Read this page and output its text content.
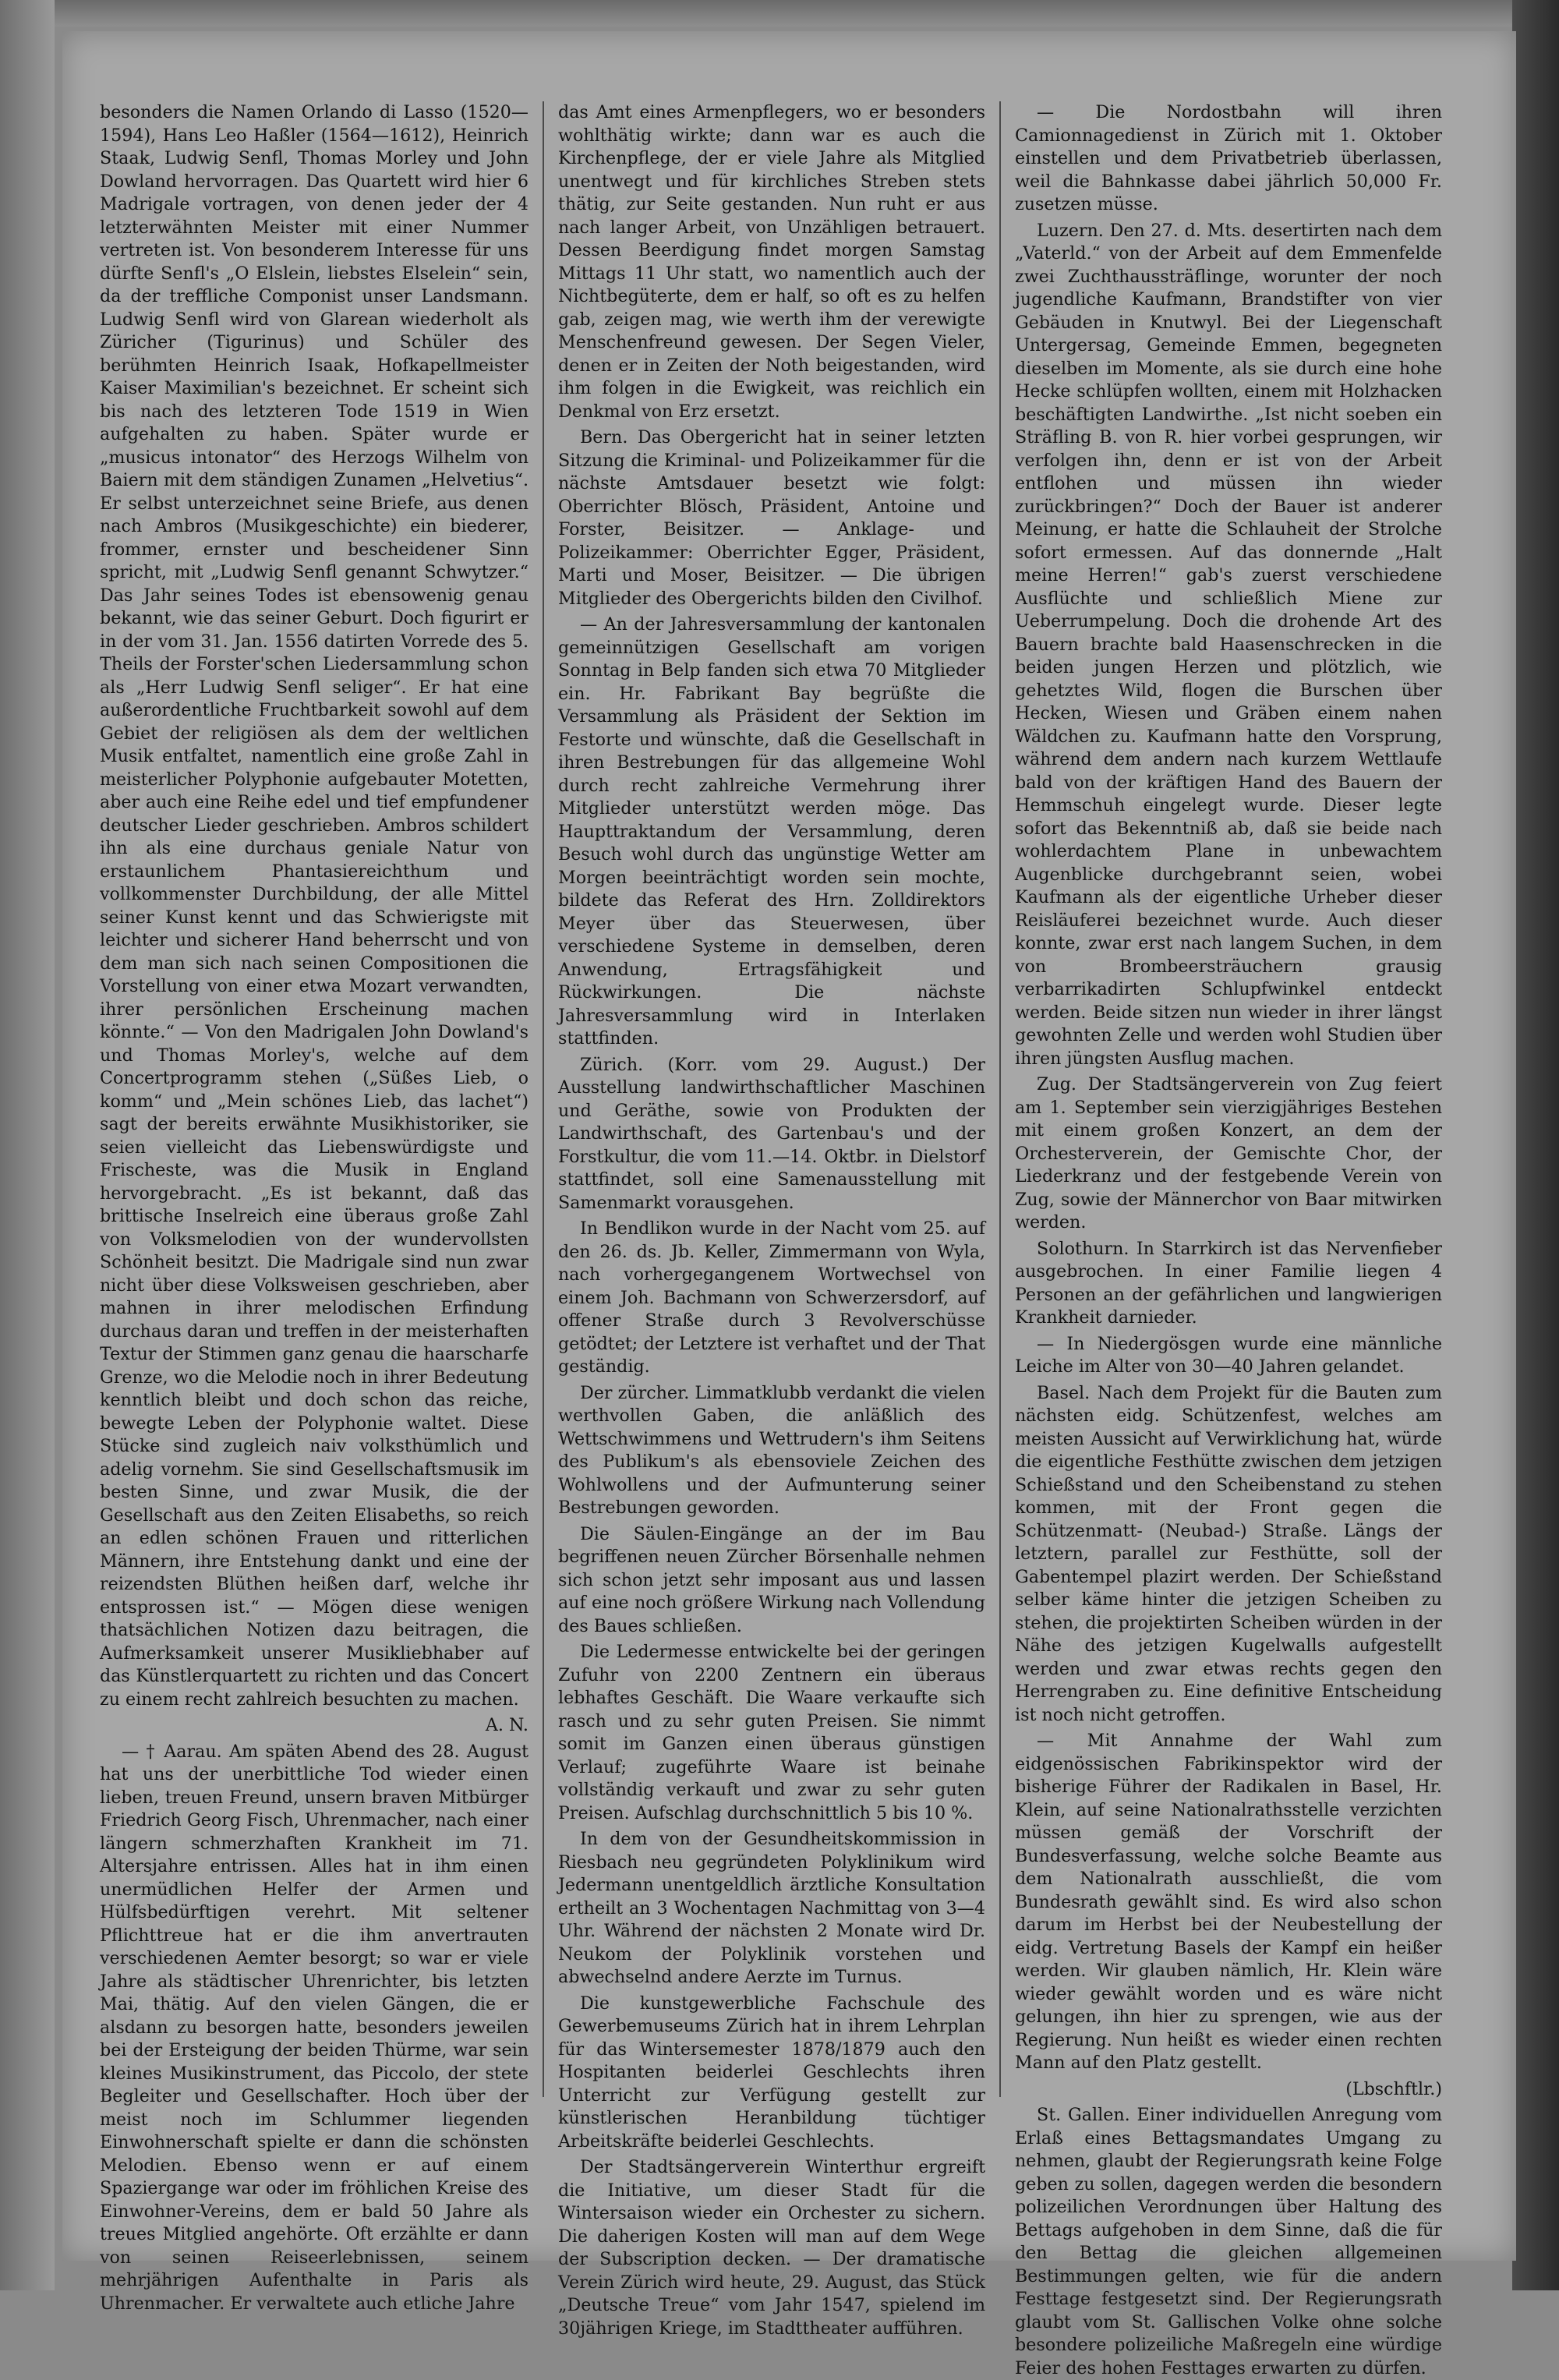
besonders die Namen Orlando di Lasso (1520—1594), Hans Leo Haßler (1564—1612), Heinrich Staak, Ludwig Senfl, Thomas Morley und John Dowland hervorragen. Das Quartett wird hier 6 Madrigale vortragen, von denen jeder der 4 letzterwähnten Meister mit einer Nummer vertreten ist. Von besonderem Interesse für uns dürfte Senfl's „O Elslein, liebstes Elselein“ sein, da der treffliche Componist unser Landsmann. Ludwig Senfl wird von Glarean wiederholt als Züricher (Tigurinus) und Schüler des berühmten Heinrich Isaak, Hofkapellmeister Kaiser Maximilian's bezeichnet. Er scheint sich bis nach des letzteren Tode 1519 in Wien aufgehalten zu haben. Später wurde er „musicus intonator“ des Herzogs Wilhelm von Baiern mit dem ständigen Zunamen „Helvetius“. Er selbst unterzeichnet seine Briefe, aus denen nach Ambros (Musikgeschichte) ein biederer, frommer, ernster und bescheidener Sinn spricht, mit „Ludwig Senfl genannt Schwytzer.“ Das Jahr seines Todes ist ebensowenig genau bekannt, wie das seiner Geburt. Doch figurirt er in der vom 31. Jan. 1556 datirten Vorrede des 5. Theils der Forster'schen Liedersammlung schon als „Herr Ludwig Senfl seliger“. Er hat eine außerordentliche Fruchtbarkeit sowohl auf dem Gebiet der religiösen als dem der weltlichen Musik entfaltet, namentlich eine große Zahl in meisterlicher Polyphonie aufgebauter Motetten, aber auch eine Reihe edel und tief empfundener deutscher Lieder geschrieben. Ambros schildert ihn als eine durchaus geniale Natur von erstaunlichem Phantasiereichthum und vollkommenster Durchbildung, der alle Mittel seiner Kunst kennt und das Schwierigste mit leichter und sicherer Hand beherrscht und von dem man sich nach seinen Compositionen die Vorstellung von einer etwa Mozart verwandten, ihrer persönlichen Erscheinung machen könnte.“ — Von den Madrigalen John Dowland's und Thomas Morley's, welche auf dem Concertprogramm stehen („Süßes Lieb, o komm“ und „Mein schönes Lieb, das lachet“) sagt der bereits erwähnte Musikhistoriker, sie seien vielleicht das Liebenswürdigste und Frischeste, was die Musik in England hervorgebracht. „Es ist bekannt, daß das brittische Inselreich eine überaus große Zahl von Volksmelodien von der wundervollsten Schönheit besitzt. Die Madrigale sind nun zwar nicht über diese Volksweisen geschrieben, aber mahnen in ihrer melodischen Erfindung durchaus daran und treffen in der meisterhaften Textur der Stimmen ganz genau die haarscharfe Grenze, wo die Melodie noch in ihrer Bedeutung kenntlich bleibt und doch schon das reiche, bewegte Leben der Polyphonie waltet. Diese Stücke sind zugleich naiv volksthümlich und adelig vornehm. Sie sind Gesellschaftsmusik im besten Sinne, und zwar Musik, die der Gesellschaft aus den Zeiten Elisabeths, so reich an edlen schönen Frauen und ritterlichen Männern, ihre Entstehung dankt und eine der reizendsten Blüthen heißen darf, welche ihr entsprossen ist.“ — Mögen diese wenigen thatsächlichen Notizen dazu beitragen, die Aufmerksamkeit unserer Musikliebhaber auf das Künstlerquartett zu richten und das Concert zu einem recht zahlreich besuchten zu machen.

A. N.

— † Aarau. Am späten Abend des 28. August hat uns der unerbittliche Tod wieder einen lieben, treuen Freund, unsern braven Mitbürger Friedrich Georg Fisch, Uhrenmacher, nach einer längern schmerzhaften Krankheit im 71. Altersjahre entrissen. Alles hat in ihm einen unermüdlichen Helfer der Armen und Hülfsbedürftigen verehrt. Mit seltener Pflichttreue hat er die ihm anvertrauten verschiedenen Aemter besorgt; so war er viele Jahre als städtischer Uhrenrichter, bis letzten Mai, thätig. Auf den vielen Gängen, die er alsdann zu besorgen hatte, besonders jeweilen bei der Ersteigung der beiden Thürme, war sein kleines Musikinstrument, das Piccolo, der stete Begleiter und Gesellschafter. Hoch über der meist noch im Schlummer liegenden Einwohnerschaft spielte er dann die schönsten Melodien. Ebenso wenn er auf einem Spaziergange war oder im fröhlichen Kreise des Einwohner-Vereins, dem er bald 50 Jahre als treues Mitglied angehörte. Oft erzählte er dann von seinen Reiseerlebnissen, seinem mehrjährigen Aufenthalte in Paris als Uhrenmacher. Er verwaltete auch etliche Jahre

das Amt eines Armenpflegers, wo er besonders wohlthätig wirkte; dann war es auch die Kirchenpflege, der er viele Jahre als Mitglied unentwegt und für kirchliches Streben stets thätig, zur Seite gestanden. Nun ruht er aus nach langer Arbeit, von Unzähligen betrauert. Dessen Beerdigung findet morgen Samstag Mittags 11 Uhr statt, wo namentlich auch der Nichtbegüterte, dem er half, so oft es zu helfen gab, zeigen mag, wie werth ihm der verewigte Menschenfreund gewesen. Der Segen Vieler, denen er in Zeiten der Noth beigestanden, wird ihm folgen in die Ewigkeit, was reichlich ein Denkmal von Erz ersetzt.

Bern. Das Obergericht hat in seiner letzten Sitzung die Kriminal- und Polizeikammer für die nächste Amtsdauer besetzt wie folgt: Oberrichter Blösch, Präsident, Antoine und Forster, Beisitzer. — Anklage- und Polizeikammer: Oberrichter Egger, Präsident, Marti und Moser, Beisitzer. — Die übrigen Mitglieder des Obergerichts bilden den Civilhof.

— An der Jahresversammlung der kantonalen gemeinnützigen Gesellschaft am vorigen Sonntag in Belp fanden sich etwa 70 Mitglieder ein. Hr. Fabrikant Bay begrüßte die Versammlung als Präsident der Sektion im Festorte und wünschte, daß die Gesellschaft in ihren Bestrebungen für das allgemeine Wohl durch recht zahlreiche Vermehrung ihrer Mitglieder unterstützt werden möge. Das Haupttraktandum der Versammlung, deren Besuch wohl durch das ungünstige Wetter am Morgen beeinträchtigt worden sein mochte, bildete das Referat des Hrn. Zolldirektors Meyer über das Steuerwesen, über verschiedene Systeme in demselben, deren Anwendung, Ertragsfähigkeit und Rückwirkungen. Die nächste Jahresversammlung wird in Interlaken stattfinden.

Zürich. (Korr. vom 29. August.) Der Ausstellung landwirthschaftlicher Maschinen und Geräthe, sowie von Produkten der Landwirthschaft, des Gartenbau's und der Forstkultur, die vom 11.—14. Oktbr. in Dielstorf stattfindet, soll eine Samenausstellung mit Samenmarkt vorausgehen.

In Bendlikon wurde in der Nacht vom 25. auf den 26. ds. Jb. Keller, Zimmermann von Wyla, nach vorhergegangenem Wortwechsel von einem Joh. Bachmann von Schwerzersdorf, auf offener Straße durch 3 Revolverschüsse getödtet; der Letztere ist verhaftet und der That geständig.

Der zürcher. Limmatklubb verdankt die vielen werthvollen Gaben, die anläßlich des Wettschwimmens und Wettrudern's ihm Seitens des Publikum's als ebensoviele Zeichen des Wohlwollens und der Aufmunterung seiner Bestrebungen geworden.

Die Säulen-Eingänge an der im Bau begriffenen neuen Zürcher Börsenhalle nehmen sich schon jetzt sehr imposant aus und lassen auf eine noch größere Wirkung nach Vollendung des Baues schließen.

Die Ledermesse entwickelte bei der geringen Zufuhr von 2200 Zentnern ein überaus lebhaftes Geschäft. Die Waare verkaufte sich rasch und zu sehr guten Preisen. Sie nimmt somit im Ganzen einen überaus günstigen Verlauf; zugeführte Waare ist beinahe vollständig verkauft und zwar zu sehr guten Preisen. Aufschlag durchschnittlich 5 bis 10 %.

In dem von der Gesundheitskommission in Riesbach neu gegründeten Polyklinikum wird Jedermann unentgeldlich ärztliche Konsultation ertheilt an 3 Wochentagen Nachmittag von 3—4 Uhr. Während der nächsten 2 Monate wird Dr. Neukom der Polyklinik vorstehen und abwechselnd andere Aerzte im Turnus.

Die kunstgewerbliche Fachschule des Gewerbemuseums Zürich hat in ihrem Lehrplan für das Wintersemester 1878/1879 auch den Hospitanten beiderlei Geschlechts ihren Unterricht zur Verfügung gestellt zur künstlerischen Heranbildung tüchtiger Arbeitskräfte beiderlei Geschlechts.

Der Stadtsängerverein Winterthur ergreift die Initiative, um dieser Stadt für die Wintersaison wieder ein Orchester zu sichern. Die daherigen Kosten will man auf dem Wege der Subscription decken. — Der dramatische Verein Zürich wird heute, 29. August, das Stück „Deutsche Treue“ vom Jahr 1547, spielend im 30jährigen Kriege, im Stadttheater aufführen.

— Die Nordostbahn will ihren Camionnagedienst in Zürich mit 1. Oktober einstellen und dem Privatbetrieb überlassen, weil die Bahnkasse dabei jährlich 50,000 Fr. zusetzen müsse.

Luzern. Den 27. d. Mts. desertirten nach dem „Vaterld.“ von der Arbeit auf dem Emmenfelde zwei Zuchthaussträflinge, worunter der noch jugendliche Kaufmann, Brandstifter von vier Gebäuden in Knutwyl. Bei der Liegenschaft Untergersag, Gemeinde Emmen, begegneten dieselben im Momente, als sie durch eine hohe Hecke schlüpfen wollten, einem mit Holzhacken beschäftigten Landwirthe. „Ist nicht soeben ein Sträfling B. von R. hier vorbei gesprungen, wir verfolgen ihn, denn er ist von der Arbeit entflohen und müssen ihn wieder zurückbringen?“ Doch der Bauer ist anderer Meinung, er hatte die Schlauheit der Strolche sofort ermessen. Auf das donnernde „Halt meine Herren!“ gab's zuerst verschiedene Ausflüchte und schließlich Miene zur Ueberrumpelung. Doch die drohende Art des Bauern brachte bald Haasenschrecken in die beiden jungen Herzen und plötzlich, wie gehetztes Wild, flogen die Burschen über Hecken, Wiesen und Gräben einem nahen Wäldchen zu. Kaufmann hatte den Vorsprung, während dem andern nach kurzem Wettlaufe bald von der kräftigen Hand des Bauern der Hemmschuh eingelegt wurde. Dieser legte sofort das Bekenntniß ab, daß sie beide nach wohlerdachtem Plane in unbewachtem Augenblicke durchgebrannt seien, wobei Kaufmann als der eigentliche Urheber dieser Reisläuferei bezeichnet wurde. Auch dieser konnte, zwar erst nach langem Suchen, in dem von Brombeersträuchern grausig verbarrikadirten Schlupfwinkel entdeckt werden. Beide sitzen nun wieder in ihrer längst gewohnten Zelle und werden wohl Studien über ihren jüngsten Ausflug machen.

Zug. Der Stadtsängerverein von Zug feiert am 1. September sein vierzigjähriges Bestehen mit einem großen Konzert, an dem der Orchesterverein, der Gemischte Chor, der Liederkranz und der festgebende Verein von Zug, sowie der Männerchor von Baar mitwirken werden.

Solothurn. In Starrkirch ist das Nervenfieber ausgebrochen. In einer Familie liegen 4 Personen an der gefährlichen und langwierigen Krankheit darnieder.

— In Niedergösgen wurde eine männliche Leiche im Alter von 30—40 Jahren gelandet.

Basel. Nach dem Projekt für die Bauten zum nächsten eidg. Schützenfest, welches am meisten Aussicht auf Verwirklichung hat, würde die eigentliche Festhütte zwischen dem jetzigen Schießstand und den Scheibenstand zu stehen kommen, mit der Front gegen die Schützenmatt- (Neubad-) Straße. Längs der letztern, parallel zur Festhütte, soll der Gabentempel plazirt werden. Der Schießstand selber käme hinter die jetzigen Scheiben zu stehen, die projektirten Scheiben würden in der Nähe des jetzigen Kugelwalls aufgestellt werden und zwar etwas rechts gegen den Herrengraben zu. Eine definitive Entscheidung ist noch nicht getroffen.

— Mit Annahme der Wahl zum eidgenössischen Fabrikinspektor wird der bisherige Führer der Radikalen in Basel, Hr. Klein, auf seine Nationalrathsstelle verzichten müssen gemäß der Vorschrift der Bundesverfassung, welche solche Beamte aus dem Nationalrath ausschließt, die vom Bundesrath gewählt sind. Es wird also schon darum im Herbst bei der Neubestellung der eidg. Vertretung Basels der Kampf ein heißer werden. Wir glauben nämlich, Hr. Klein wäre wieder gewählt worden und es wäre nicht gelungen, ihn hier zu sprengen, wie aus der Regierung. Nun heißt es wieder einen rechten Mann auf den Platz gestellt.

(Lbschftlr.)

St. Gallen. Einer individuellen Anregung vom Erlaß eines Bettagsmandates Umgang zu nehmen, glaubt der Regierungsrath keine Folge geben zu sollen, dagegen werden die besondern polizeilichen Verordnungen über Haltung des Bettags aufgehoben in dem Sinne, daß die für den Bettag die gleichen allgemeinen Bestimmungen gelten, wie für die andern Festtage festgesetzt sind. Der Regierungsrath glaubt vom St. Gallischen Volke ohne solche besondere polizeiliche Maßregeln eine würdige Feier des hohen Festtages erwarten zu dürfen.
